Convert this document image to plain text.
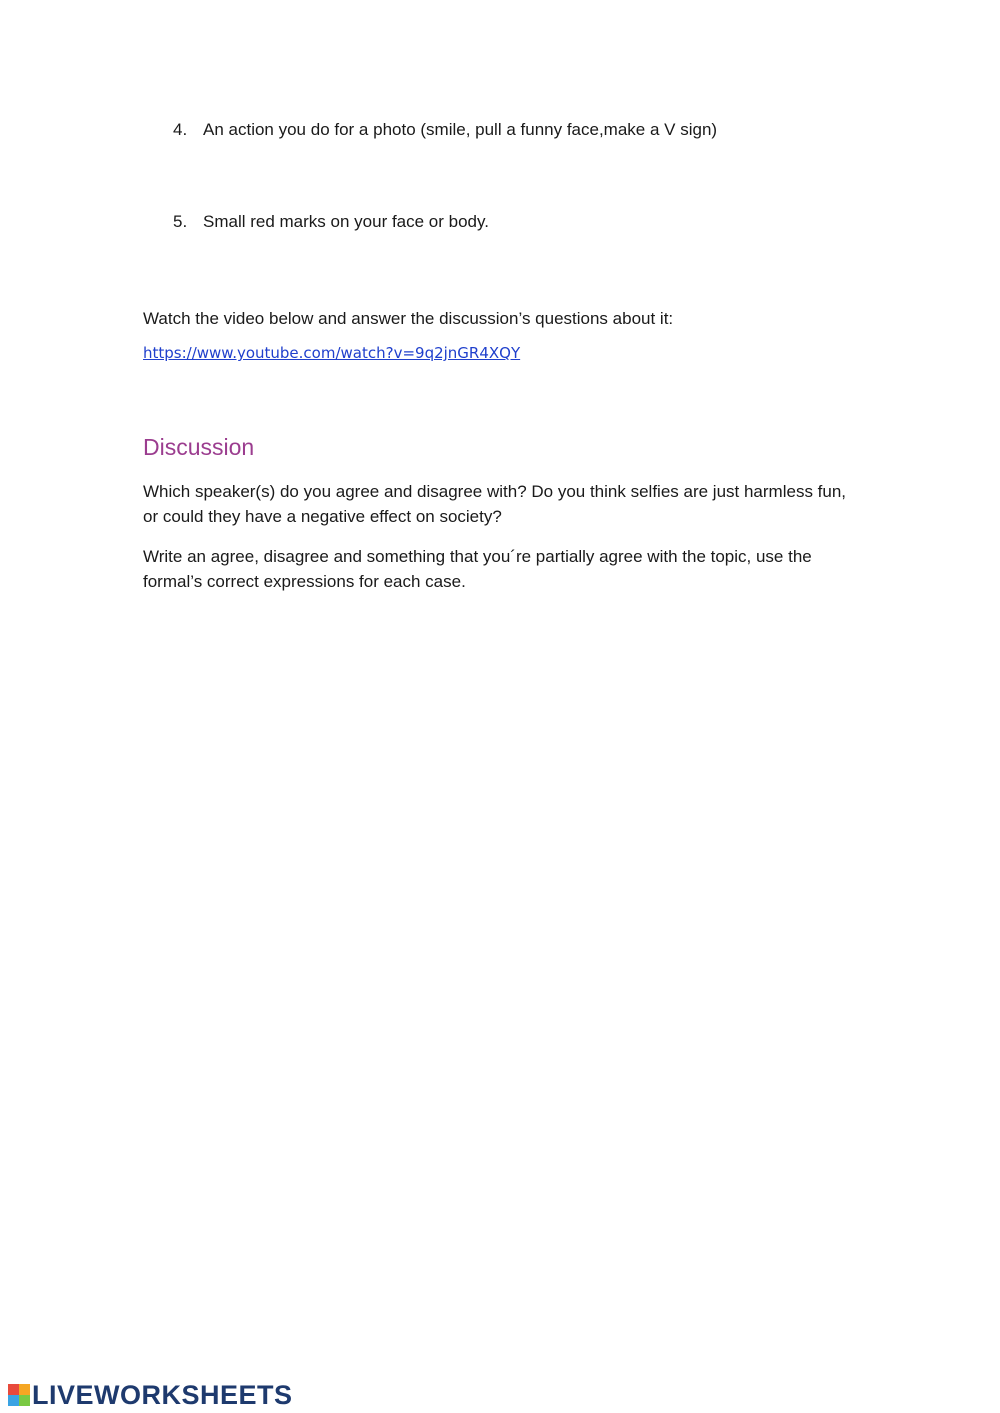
4. An action you do for a photo (smile, pull a funny face,make a V sign)
5. Small red marks on your face or body.
Watch the video below and answer the discussion’s questions about it:
https://www.youtube.com/watch?v=9q2jnGR4XQY
Discussion
Which speaker(s) do you agree and disagree with? Do you think selfies are just harmless fun, or could they have a negative effect on society?
Write an agree, disagree and something that you´re partially agree with the topic, use the formal’s correct expressions for each case.
LIVEWORKSHEETS
